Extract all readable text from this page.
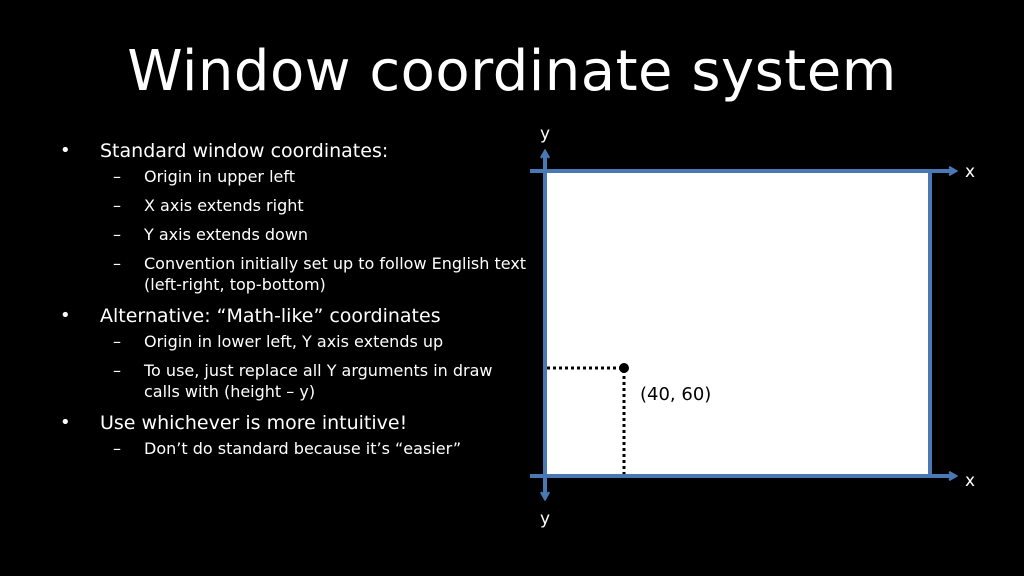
Window coordinate system
• Standard window coordinates:
– Origin in upper left
– X axis extends right
– Y axis extends down
– Convention initially set up to follow English text (left-right, top-bottom)
• Alternative: “Math-like” coordinates
– Origin in lower left, Y axis extends up
– To use, just replace all Y arguments in draw calls with (height – y)
• Use whichever is more intuitive!
– Don’t do standard because it’s “easier”
(40, 60)
y
x
x
y
